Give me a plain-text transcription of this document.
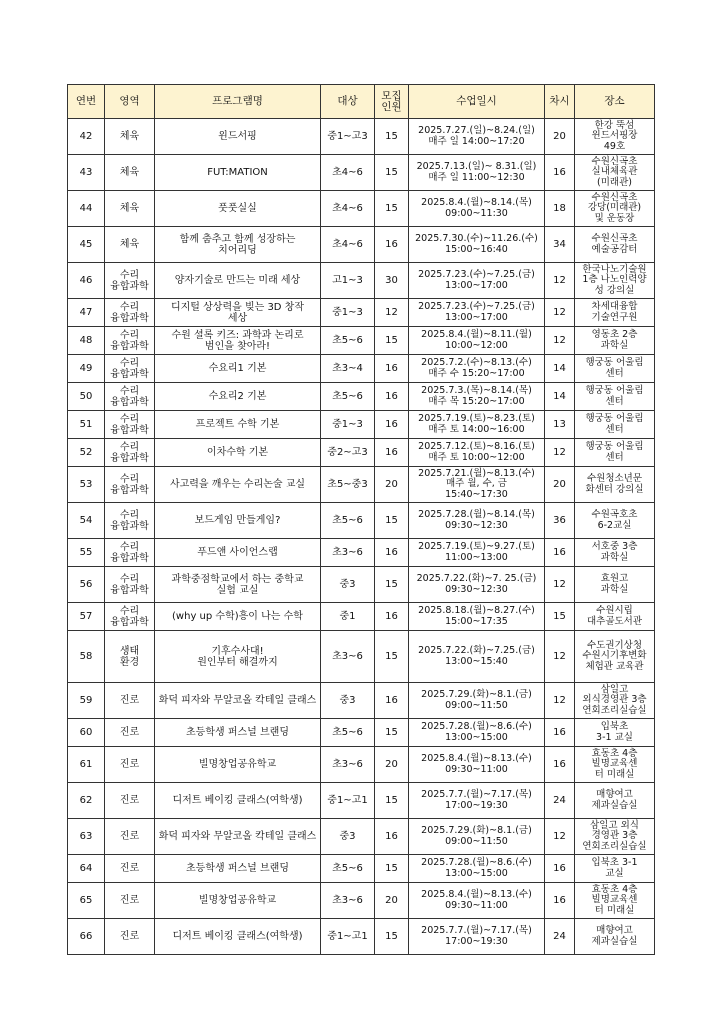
연번	영역	프로그램명	대상	모집
인원	수업일시	차시	장소
42	체육	윈드서핑	중1~고3	15	2025.7.27.(일)~8.24.(일)
매주 일 14:00~17:20	20	한강 뚝섬
윈드서핑장
49호

43	체육	FUT:MATION	초4~6	15	2025.7.13.(일)~ 8.31.(일)
매주 일 11:00~12:30	16	수원신곡초
실내체육관
(미래관)

44	체육	풋풋실실	초4~6	15	2025.8.4.(월)~8.14.(목)
09:00~11:30	18	수원신곡초
강당(미래관)
및 운동장

45	체육	함께 춤추고 함께 성장하는
치어리딩	초4~6	16	2025.7.30.(수)~11.26.(수)
15:00~16:40	34	수원신곡초
예술공감터

46	수리
융합과학	양자기술로 만드는 미래 세상	고1~3	30	2025.7.23.(수)~7.25.(금)
13:00~17:00	12	한국나노기술원
1층 나노인력양
성 강의실

47	수리
융합과학	디지털 상상력을 빚는 3D 창작
세상	중1~3	12	2025.7.23.(수)~7.25.(금)
13:00~17:00	12	차세대융합
기술연구원

48	수리
융합과학	수원 셜록 키즈: 과학과 논리로
범인을 찾아라!	초5~6	15	2025.8.4.(월)~8.11.(월)
10:00~12:00	12	영동초 2층
과학실

49	수리
융합과학	수요리1 기본	초3~4	16	2025.7.2.(수)~8.13.(수)
매주 수 15:20~17:00	14	행궁동 어울림
센터

50	수리
융합과학	수요리2 기본	초5~6	16	2025.7.3.(목)~8.14.(목)
매주 목 15:20~17:00	14	행궁동 어울림
센터

51	수리
융합과학	프로젝트 수학 기본	중1~3	16	2025.7.19.(토)~8.23.(토)
매주 토 14:00~16:00	13	행궁동 어울림
센터

52	수리
융합과학	이차수학 기본	중2~고3	16	2025.7.12.(토)~8.16.(토)
매주 토 10:00~12:00	12	행궁동 어울림
센터

53	수리
융합과학	사고력을 깨우는 수리논술 교실	초5~중3	20	2025.7.21.(월)~8.13.(수)
매주 월, 수, 금
15:40~17:30	20	수원청소년문
화센터 강의실

54	수리
융합과학	보드게임 만들게임?	초5~6	15	2025.7.28.(월)~8.14.(목)
09:30~12:30	36	수원곡호초
6-2교실

55	수리
융합과학	푸드앤 사이언스랩	초3~6	16	2025.7.19.(토)~9.27.(토)
11:00~13:00	16	서호중 3층
과학실

56	수리
융합과학	과학중점학교에서 하는 중학교
실험 교실	중3	15	2025.7.22.(화)~7. 25.(금)
09:30~12:30	12	효원고
과학실

57	수리
융합과학	(why up 수학)흥이 나는 수학	중1	16	2025.8.18.(월)~8.27.(수)
15:00~17:35	15	수원시립
대추골도서관

58	생태
환경	기후수사대!
원인부터 해결까지	초3~6	15	2025.7.22.(화)~7.25.(금)
13:00~15:40	12	수도권기상청
수원시기후변화
체험관 교육관

59	진로	화덕 피자와 무알코올 칵테일 클래스	중3	16	2025.7.29.(화)~8.1.(금)
09:00~11:50	12	삼일고
외식경영관 3층
연회조리실습실

60	진로	초등학생 퍼스널 브랜딩	초5~6	15	2025.7.28.(월)~8.6.(수)
13:00~15:00	16	입북초
3-1 교실

61	진로	빌명창업공유학교	초3~6	20	2025.8.4.(월)~8.13.(수)
09:30~11:00	16	효동초 4층
빌명교육센
터 미래실

62	진로	디저트 베이킹 클래스(여학생)	중1~고1	15	2025.7.7.(월)~7.17.(목)
17:00~19:30	24	매향여고
제과실습실

63	진로	화덕 피자와 무알코올 칵테일 클래스	중3	16	2025.7.29.(화)~8.1.(금)
09:00~11:50	12	삼일고 외식
경영관 3층
연회조리실습실

64	진로	초등학생 퍼스널 브랜딩	초5~6	15	2025.7.28.(월)~8.6.(수)
13:00~15:00	16	입북초 3-1
교실

65	진로	빌명창업공유학교	초3~6	20	2025.8.4.(월)~8.13.(수)
09:30~11:00	16	효동초 4층
빌명교육센
터 미래실

66	진로	디저트 베이킹 클래스(여학생)	중1~고1	15	2025.7.7.(월)~7.17.(목)
17:00~19:30	24	매향여고
제과실습실
